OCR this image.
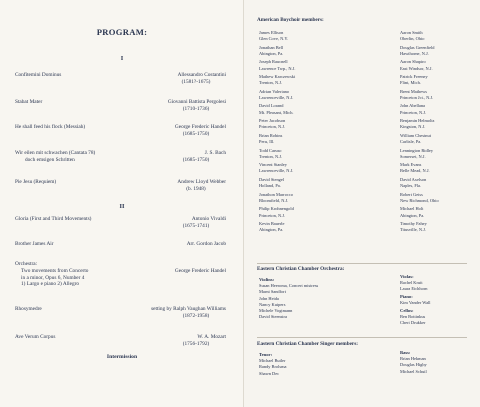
PROGRAM:
I
Confitemini Dominus	Allessandro Costantini
(1581?-1675)
Stabat Mater	Giovanni Battista Pergolesi
(1710-1736)
He shall feed his flock (Messiah)	George Frederic Handel
(1685-1750)
Wir eilen mit schwachen (Cantata 78)
doch emsigen Schritten
J. S. Bach
(1685-1750)
Pie Jesu (Requiem)	Andrew Lloyd Webber
(b. 1948)
II
Gloria (First and Third Movements)	Antonio Vivaldi
(1675-1741)
Brother James Air	Arr. Gordon Jacob
Orchestra:
Two movements from Concerto
in a minor, Opus 6, Number 4
1) Largo e piano 2) Allegro
George Frederic Handel
Rhosymedre	setting by Ralph Vaughan Williams
(1872-1958)
Ave Verum Corpus	W. A. Mozart
(1756-1792)
Intermission
American Boychoir members:
James Ellison
Glen Cove, N.Y.
Jonathan Bell
Abington, Pa.
Joseph Raucnell
Lawrence Twp., N.J.
Mathew Karczewski
Trenton, N.J.
Adrian Valeriano
Lawrenceville, N.J.
David Lorand
Mt. Pleasant, Mich.
Peter Jacobson
Princeton, N.J.
Brian Robins
Peru, Ill.
Todd Caruso
Trenton, N.J.
Vincent Stanley
Lawrenceville, N.J.
David Stengel
Holland, Pa.
Jonathon Marrocco
Bloomfield, N.J.
Philip Krohnengold
Princeton, N.J.
Kevin Bauerle
Abington, Pa.
Aaron Smith
Oberlin, Ohio
Douglas Greenfield
Hawthorne, N.J.
Aaron Shapiro
East Windsor, N.J.
Patrick Freeney
Flint, Mich.
Brent Mathews
Princeton Jct., N.J.
John Abellana
Princeton, N.J.
Benjamin Helmoltz
Kingston, N.J.
William Chestnut
Carlisle, Pa.
Lennington Ridley
Somerset, N.J.
Mark Evans
Belle Mead, N.J.
David Axelson
Naples, Fla.
Robert Geiss
New Richmond, Ohio
Michael Holt
Abington, Pa.
Timothy Fahey
Titusville, N.J.
Eastern Christian Chamber Orchestra:
Violins:
Susan Heeroma, Concert mistress
Marni Sandfort
John Heida
Nancy Kuipers
Michele Vogtmann
David Steenstra
Violas:
Rachel Kruit
Laura Eichhorn
Piano:
Kim Vander Wall
Cellos:
Ben Bottinkus
Cheri Drukker
Eastern Christian Chamber Singer members:
Tenor:
Michael Butler
Randy Brolsma
Shawn Dec
Bass:
Brian Hekman
Douglas Higby
Michael Schuil
